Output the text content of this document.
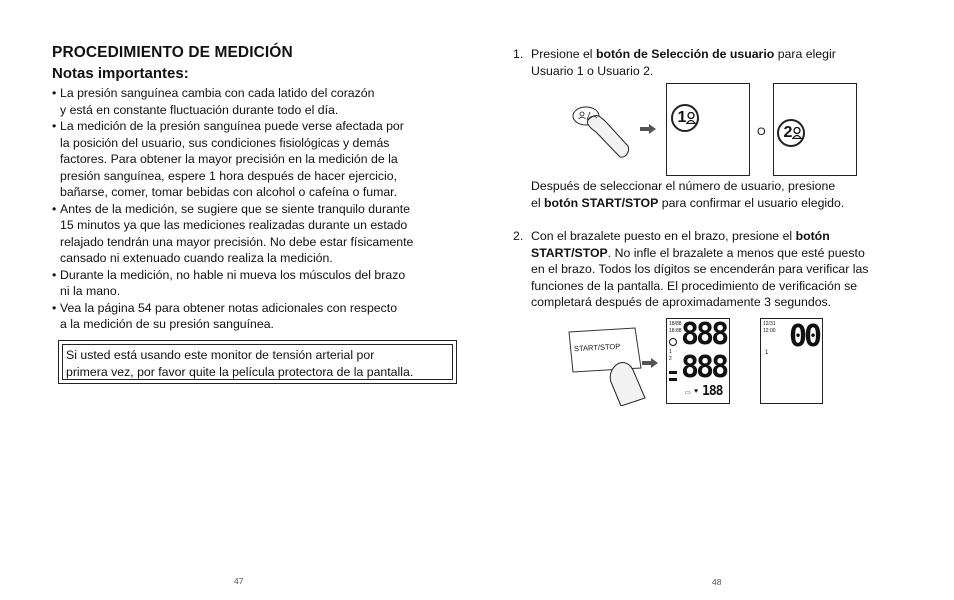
PROCEDIMIENTO DE MEDICIÓN
Notas importantes:
• La presión sanguínea cambia con cada latido del corazón
y está en constante fluctuación durante todo el día.
• La medición de la presión sanguínea puede verse afectada por
la posición del usuario, sus condiciones fisiológicas y demás
factores. Para obtener la mayor precisión en la medición de la
presión sanguínea, espere 1 hora después de hacer ejercicio,
bañarse, comer, tomar bebidas con alcohol o cafeína o fumar.
• Antes de la medición, se sugiere que se siente tranquilo durante
15 minutos ya que las mediciones realizadas durante un estado
relajado tendrán una mayor precisión. No debe estar físicamente
cansado ni extenuado cuando realiza la medición.
• Durante la medición, no hable ni mueva los músculos del brazo
ni la mano.
• Vea la página 54 para obtener notas adicionales con respecto
a la medición de su presión sanguínea.
Si usted está usando este monitor de tensión arterial por
primera vez, por favor quite la película protectora de la pantalla.
47
1. Presione el botón de Selección de usuario para elegir
Usuario 1 o Usuario 2.
1
O	2
Después de seleccionar el número de usuario, presione
el botón START/STOP para confirmar el usuario elegido.
2. Con el brazalete puesto en el brazo, presione el botón
START/STOP. No infle el brazalete a menos que esté puesto
en el brazo. Todos los dígitos se encenderán para verificar las
funciones de la pantalla. El procedimiento de verificación se
completará después de aproximadamente 3 segundos.
START/STOP
18/88
18:88
1
2
888
888
▭ ♥ 188
12/31
12:00
1 00
48
